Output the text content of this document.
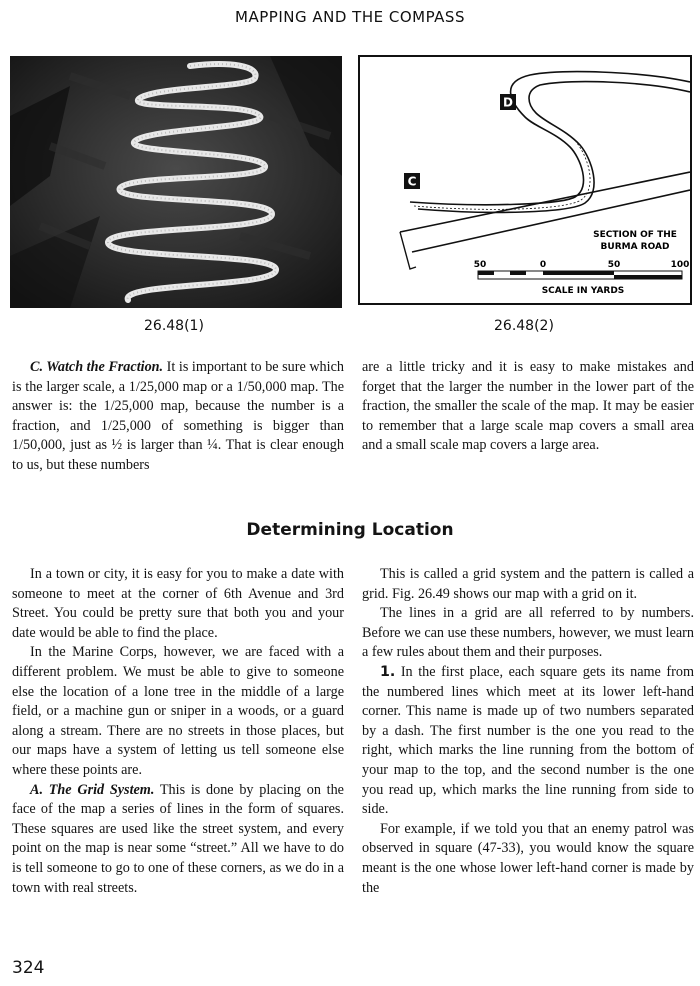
MAPPING AND THE COMPASS
D
C
SECTION OF THE
BURMA ROAD
50	0	50	100
SCALE IN YARDS
26.48(1)	26.48(2)

C. Watch the Fraction. It is important to be sure which is the larger scale, a 1/25,000 map or a 1/50,000 map. The answer is: the 1/25,000 map, because the number is a fraction, and 1/25,000 of something is bigger than 1/50,000, just as ½ is larger than ¼. That is clear enough to us, but these numbers

are a little tricky and it is easy to make mistakes and forget that the larger the number in the lower part of the fraction, the smaller the scale of the map. It may be easier to remember that a large scale map covers a small area and a small scale map covers a large area.

Determining Location

In a town or city, it is easy for you to make a date with someone to meet at the corner of 6th Avenue and 3rd Street. You could be pretty sure that both you and your date would be able to find the place.

In the Marine Corps, however, we are faced with a different problem. We must be able to give to someone else the location of a lone tree in the middle of a large field, or a machine gun or sniper in a woods, or a guard along a stream. There are no streets in those places, but our maps have a system of letting us tell someone else where these points are.

A. The Grid System. This is done by placing on the face of the map a series of lines in the form of squares. These squares are used like the street system, and every point on the map is near some “street.” All we have to do is tell someone to go to one of these corners, as we do in a town with real streets.

This is called a grid system and the pattern is called a grid. Fig. 26.49 shows our map with a grid on it.

The lines in a grid are all referred to by numbers. Before we can use these numbers, however, we must learn a few rules about them and their purposes.

1. In the first place, each square gets its name from the numbered lines which meet at its lower left-hand corner. This name is made up of two numbers separated by a dash. The first number is the one you read to the right, which marks the line running from the bottom of your map to the top, and the second number is the one you read up, which marks the line running from side to side.

For example, if we told you that an enemy patrol was observed in square (47-33), you would know the square meant is the one whose lower left-hand corner is made by the

324
